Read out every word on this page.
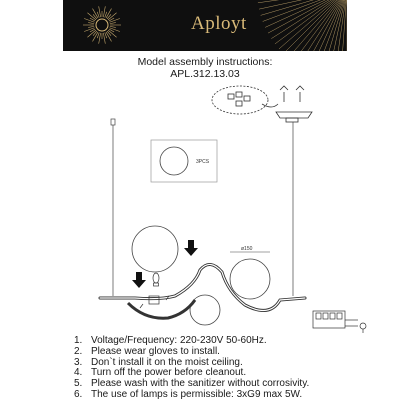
Aployt
Model assembly instructions:
APL.312.13.03
3PCS
ø150
1. Voltage/Frequency: 220-230V 50-60Hz.
2. Please wear gloves to install.
3. Don`t install it on the moist ceiling.
4. Turn off the power before cleanout.
5. Please wash with the sanitizer without corrosivity.
6. The use of lamps is permissible: 3xG9 max 5W.
